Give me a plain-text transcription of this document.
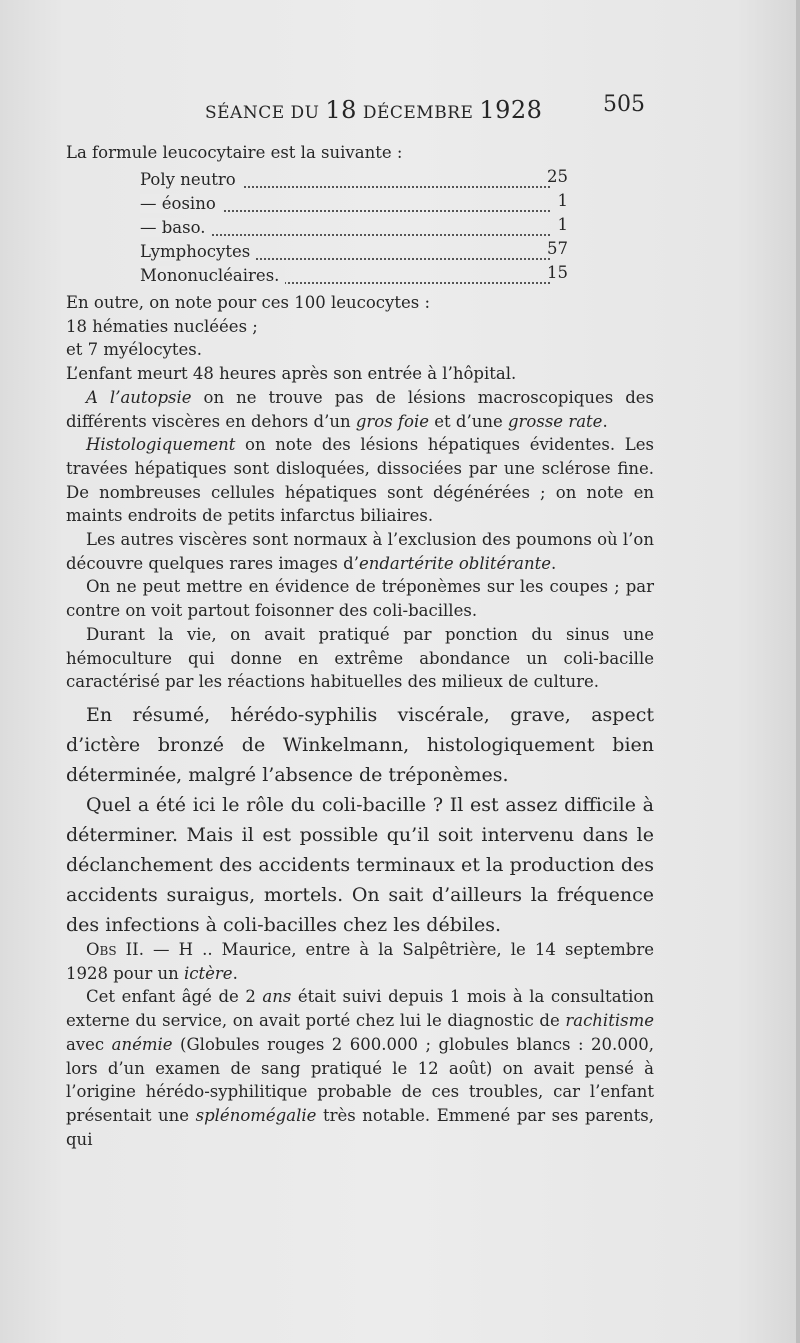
SÉANCE DU 18 DÉCEMBRE 1928	505

La formule leucocytaire est la suivante :

Poly neutro	25
— éosino	1
— baso.	1
Lymphocytes	57
Mononucléaires.	15

En outre, on note pour ces 100 leucocytes :

18 hématies nucléées ;

et 7 myélocytes.

L’enfant meurt 48 heures après son entrée à l’hôpital.

A l’autopsie on ne trouve pas de lésions macroscopiques des différents viscères en dehors d’un gros foie et d’une grosse rate.

Histologiquement on note des lésions hépatiques évidentes. Les travées hépatiques sont disloquées, dissociées par une sclérose fine. De nombreuses cellules hépatiques sont dégénérées ; on note en maints endroits de petits infarctus biliaires.

Les autres viscères sont normaux à l’exclusion des poumons où l’on découvre quelques rares images d’endartérite oblitérante.

On ne peut mettre en évidence de tréponèmes sur les coupes ; par contre on voit partout foisonner des coli-bacilles.

Durant la vie, on avait pratiqué par ponction du sinus une hémoculture qui donne en extrême abondance un coli-bacille caractérisé par les réactions habituelles des milieux de culture.

En résumé, hérédo-syphilis viscérale, grave, aspect d’ictère bronzé de Winkelmann, histologiquement bien déterminée, malgré l’absence de tréponèmes.

Quel a été ici le rôle du coli-bacille ? Il est assez difficile à déterminer. Mais il est possible qu’il soit intervenu dans le déclanchement des accidents terminaux et la production des accidents suraigus, mortels. On sait d’ailleurs la fréquence des infections à coli-bacilles chez les débiles.

Obs II. — H .. Maurice, entre à la Salpêtrière, le 14 septembre 1928 pour un ictère.

Cet enfant âgé de 2 ans était suivi depuis 1 mois à la consultation externe du service, on avait porté chez lui le diagnostic de rachitisme avec anémie (Globules rouges 2 600.000 ; globules blancs : 20.000, lors d’un examen de sang pratiqué le 12 août) on avait pensé à l’origine hérédo-syphilitique probable de ces troubles, car l’enfant présentait une splénomégalie très notable. Emmené par ses parents, qui
